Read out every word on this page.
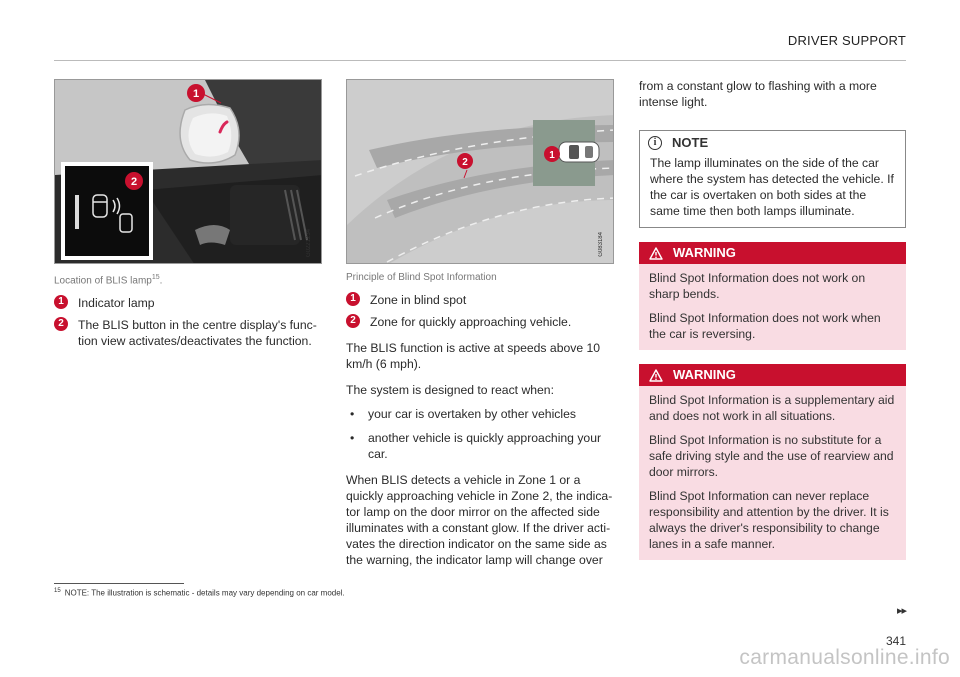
DRIVER SUPPORT
1
2
G0221234
Location of BLIS lamp$^{15}$.
1	Indicator lamp
2	The BLIS button in the centre display's func-tion view activates/deactivates the function.
1
2
G083184
Principle of Blind Spot Information
1	Zone in blind spot
2	Zone for quickly approaching vehicle.

The BLIS function is active at speeds above 10 km/h (6 mph).

The system is designed to react when:

•	your car is overtaken by other vehicles
•	another vehicle is quickly approaching your car.

When BLIS detects a vehicle in Zone 1 or a quickly approaching vehicle in Zone 2, the indica-tor lamp on the door mirror on the affected side illuminates with a constant glow. If the driver acti-vates the direction indicator on the same side as the warning, the indicator lamp will change over

from a constant glow to flashing with a more intense light.

i	NOTE
The lamp illuminates on the side of the car where the system has detected the vehicle. If the car is overtaken on both sides at the same time then both lamps illuminate.
WARNING

Blind Spot Information does not work on sharp bends.

Blind Spot Information does not work when the car is reversing.

WARNING

Blind Spot Information is a supplementary aid and does not work in all situations.

Blind Spot Information is no substitute for a safe driving style and the use of rearview and door mirrors.

Blind Spot Information can never replace responsibility and attention by the driver. It is always the driver's responsibility to change lanes in a safe manner.

$^{15}$ NOTE: The illustration is schematic - details may vary depending on car model.
▸▸
341
carmanualsonline.info
